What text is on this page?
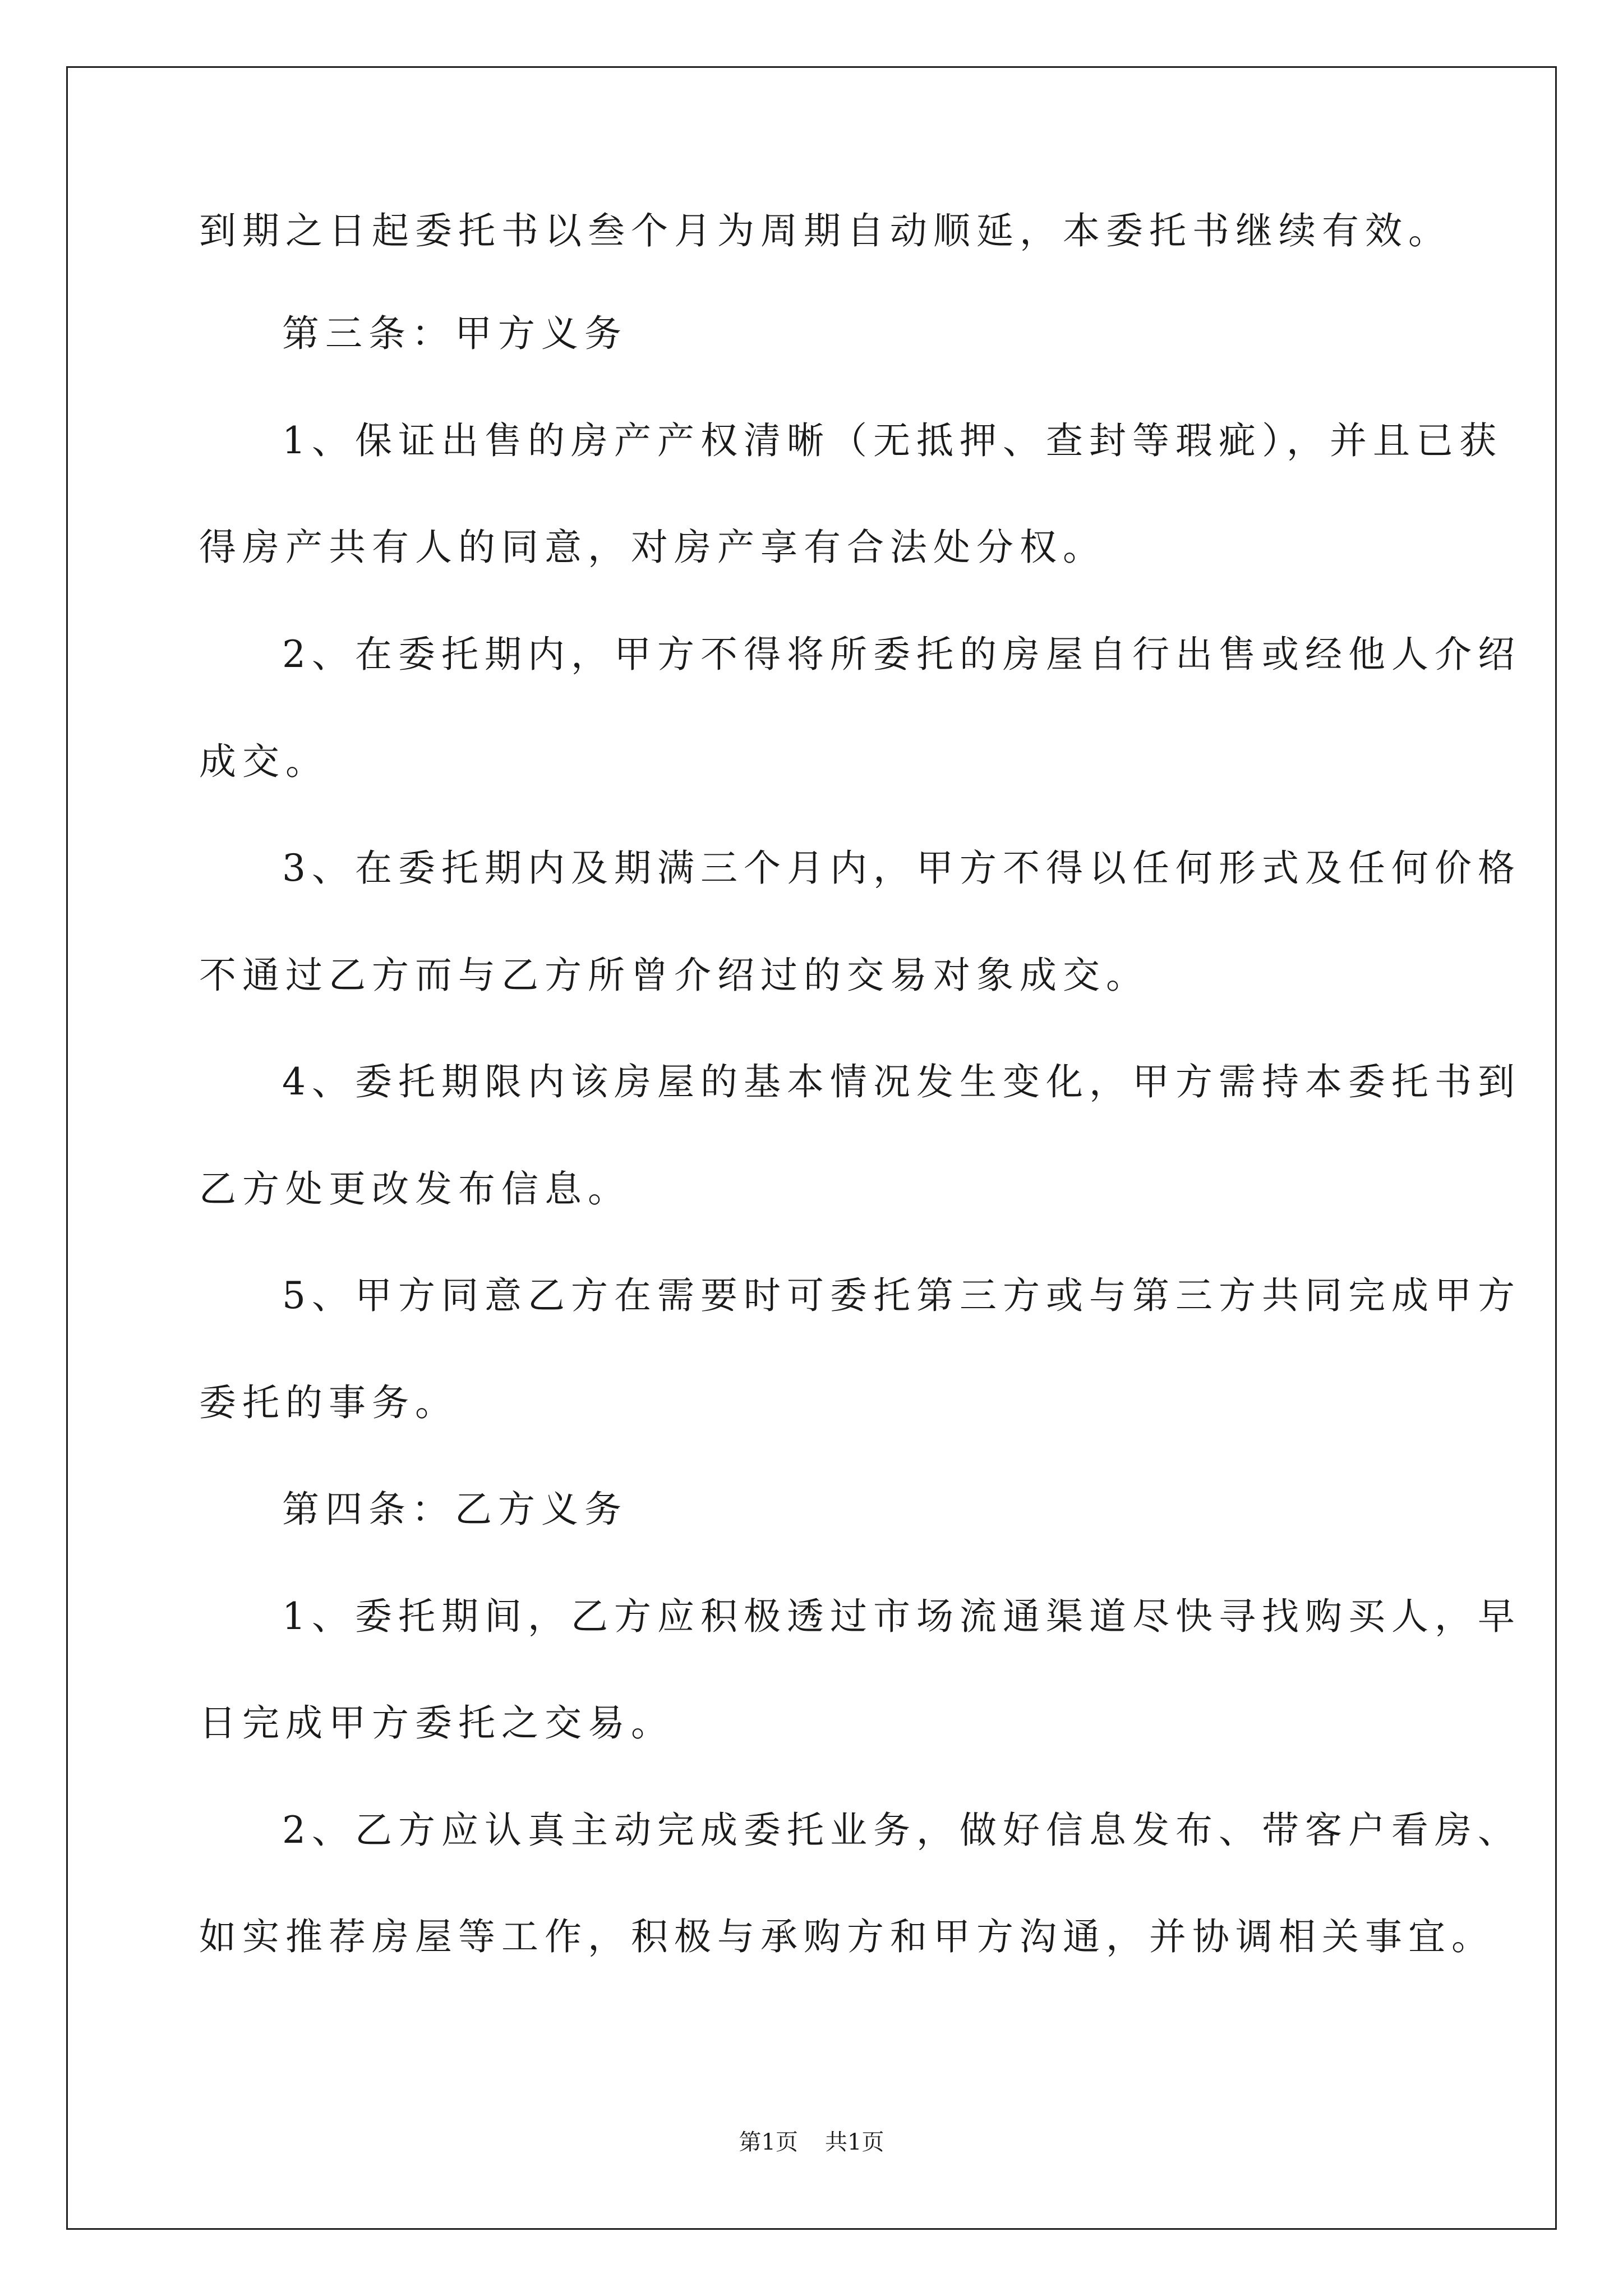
到期之日起委托书以叁个月为周期自动顺延，本委托书继续有效。

第三条：甲方义务

1、保证出售的房产产权清晰（无抵押、查封等瑕疵），并且已获

得房产共有人的同意，对房产享有合法处分权。

2、在委托期内，甲方不得将所委托的房屋自行出售或经他人介绍

成交。

3、在委托期内及期满三个月内，甲方不得以任何形式及任何价格

不通过乙方而与乙方所曾介绍过的交易对象成交。

4、委托期限内该房屋的基本情况发生变化，甲方需持本委托书到

乙方处更改发布信息。

5、甲方同意乙方在需要时可委托第三方或与第三方共同完成甲方

委托的事务。

第四条：乙方义务

1、委托期间，乙方应积极透过市场流通渠道尽快寻找购买人，早

日完成甲方委托之交易。

2、乙方应认真主动完成委托业务，做好信息发布、带客户看房、

如实推荐房屋等工作，积极与承购方和甲方沟通，并协调相关事宜。

第1页 共1页
